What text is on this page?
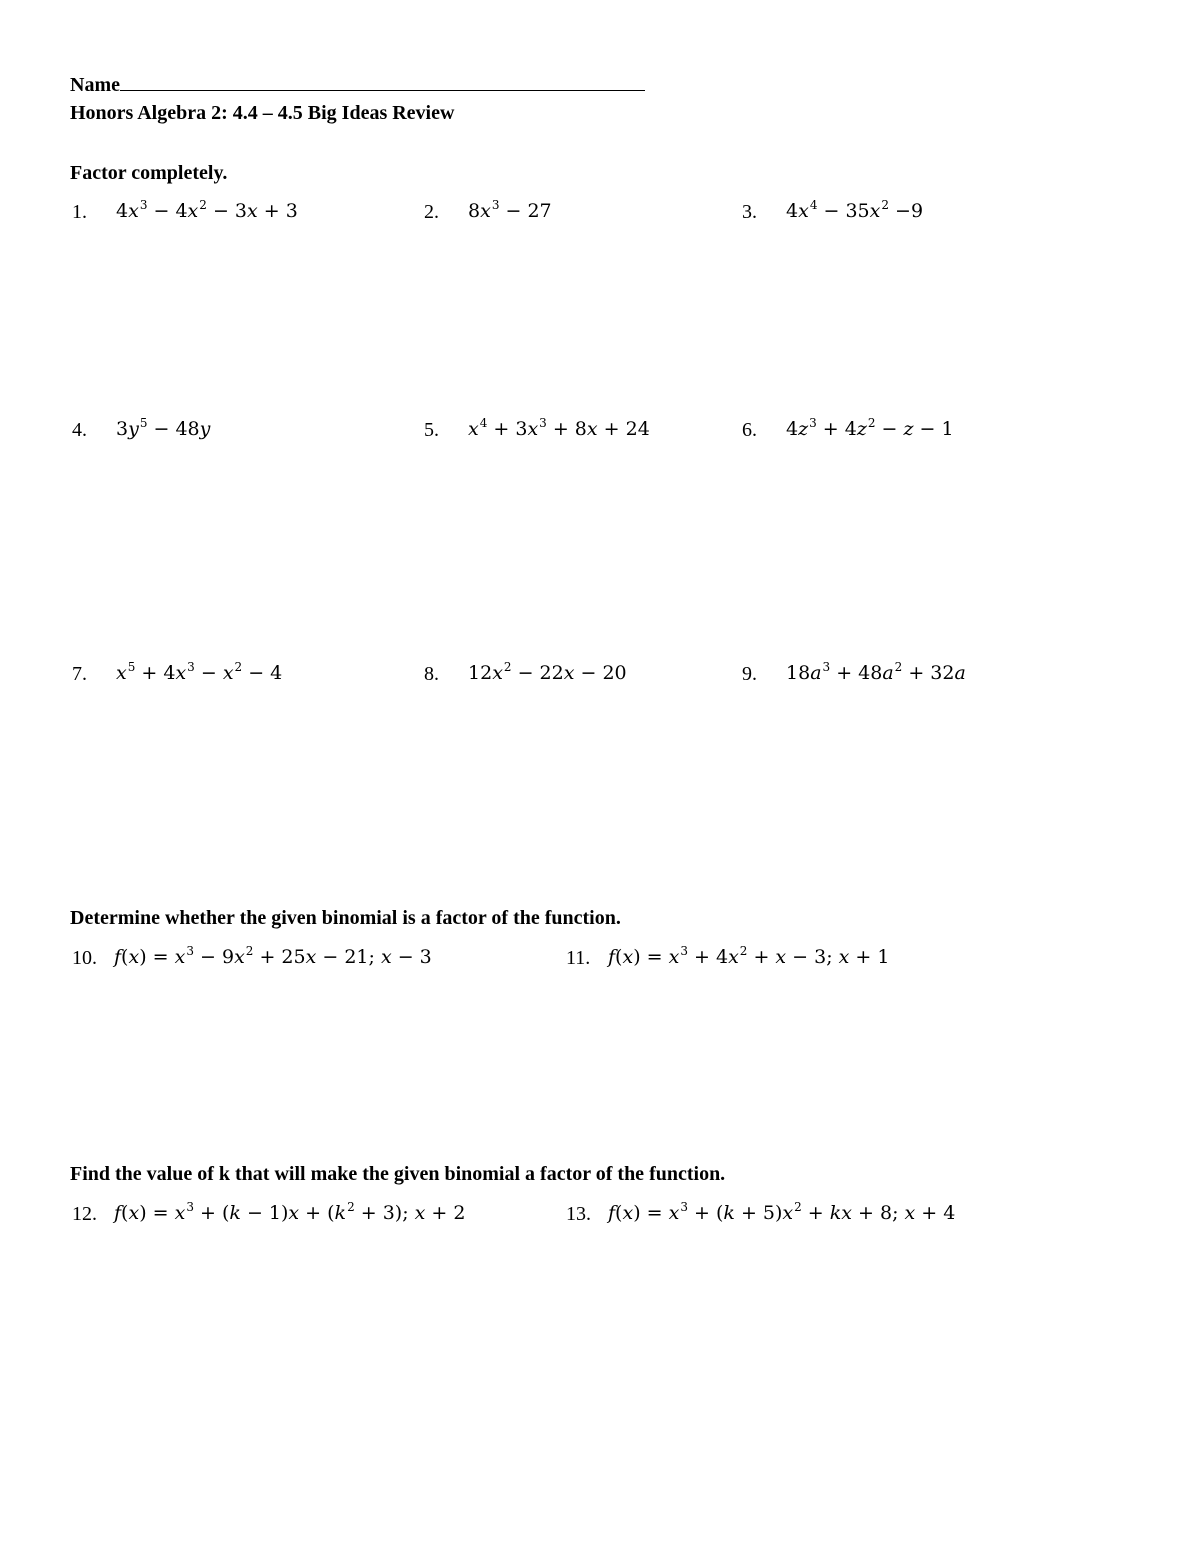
Name
Honors Algebra 2: 4.4 – 4.5 Big Ideas Review
Factor completely.
1. $4x^3 - 4x^2 - 3x + 3$	2. $8x^3 - 27$	3. $4x^4 - 35x^2 -9$
4. $3y^5 - 48y$	5. $x^4 + 3x^3 + 8x + 24$	6. $4z^3 + 4z^2 - z - 1$
7. $x^5 + 4x^3 - x^2 - 4$	8. $12x^2 - 22x - 20$	9. $18a^3 + 48a^2 + 32a$
Determine whether the given binomial is a factor of the function.
10. $f(x) = x^3 - 9x^2 + 25x - 21$; x − 3	11. $f(x) = x^3 + 4x^2 + x - 3$; x + 1
Find the value of k that will make the given binomial a factor of the function.
12. $f(x) = x^3 + (k - 1)x + (k^2 + 3)$; x + 2	13. $f(x) = x^3 + (k + 5)x^2$ + kx + 8; x + 4
